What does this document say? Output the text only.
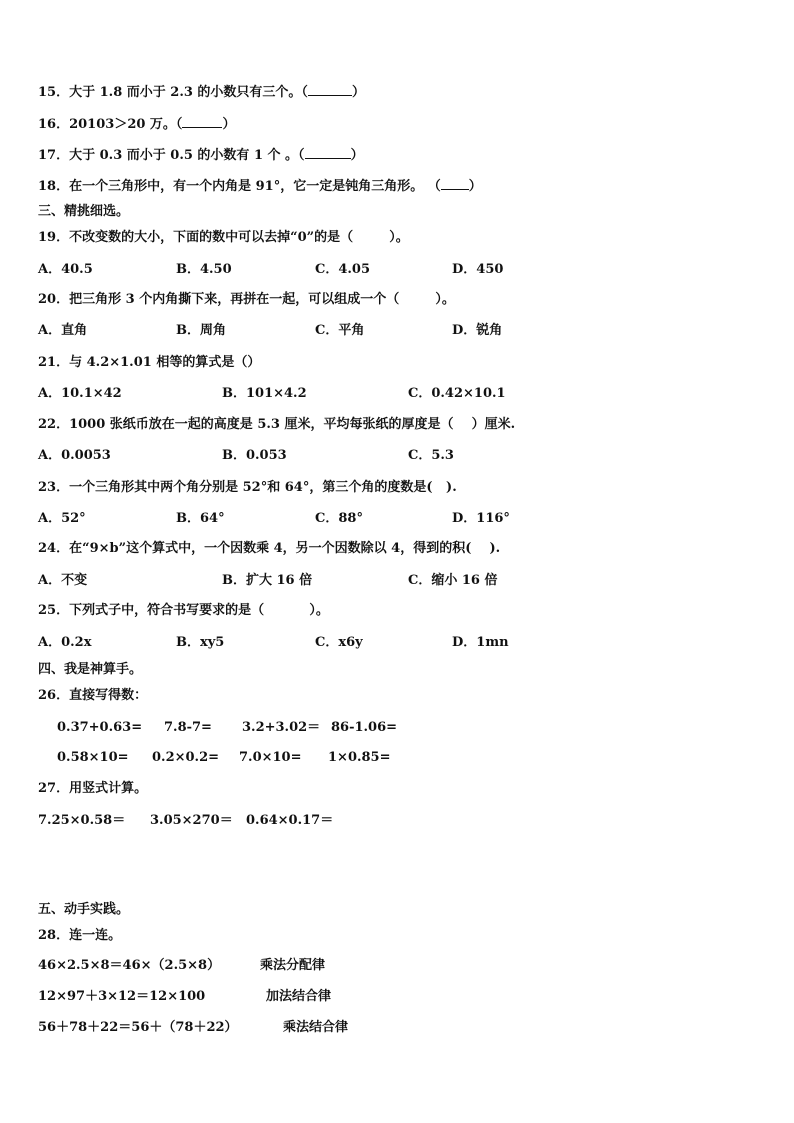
15．大于 1.8 而小于 2.3 的小数只有三个。（	）
16．20103＞20 万。（	）
17．大于 0.3 而小于 0.5 的小数有 1 个 。（	）
18．在一个三角形中，有一个内角是 91°，它一定是钝角三角形。 （ ）
三、精挑细选。
19．不改变数的大小，下面的数中可以去掉“0”的是（        ）。
A．40.5	B．4.50	C．4.05	D．450
20．把三角形 3 个内角撕下来，再拼在一起，可以组成一个（        ）。
A．直角	B．周角	C．平角	D．锐角
21．与 4.2×1.01 相等的算式是（）
A．10.1×42	B．101×4.2	C．0.42×10.1
22．1000 张纸币放在一起的高度是 5.3 厘米，平均每张纸的厚度是（    ）厘米.
A．0.0053	B．0.053	C．5.3
23．一个三角形其中两个角分别是 52°和 64°，第三个角的度数是(   ).
A．52°	B．64°	C．88°	D．116°
24．在“9×b”这个算式中，一个因数乘 4，另一个因数除以 4，得到的积(    ).
A．不变	B．扩大 16 倍	C．缩小 16 倍
25．下列式子中，符合书写要求的是（          ）。
A．0.2x	B．xy5	C．x6y	D．1mn
四、我是神算手。
26．直接写得数：
0.37+0.63= 7.8-7= 3.2+3.02＝ 86-1.06=
0.58×10= 0.2×0.2= 7.0×10= 1×0.85=
27．用竖式计算。
7.25×0.58＝ 3.05×270＝ 0.64×0.17＝
五、动手实践。
28．连一连。
46×2.5×8＝46×（2.5×8）	乘法分配律
12×97＋3×12＝12×100	加法结合律
56＋78＋22＝56＋（78＋22）	乘法结合律
